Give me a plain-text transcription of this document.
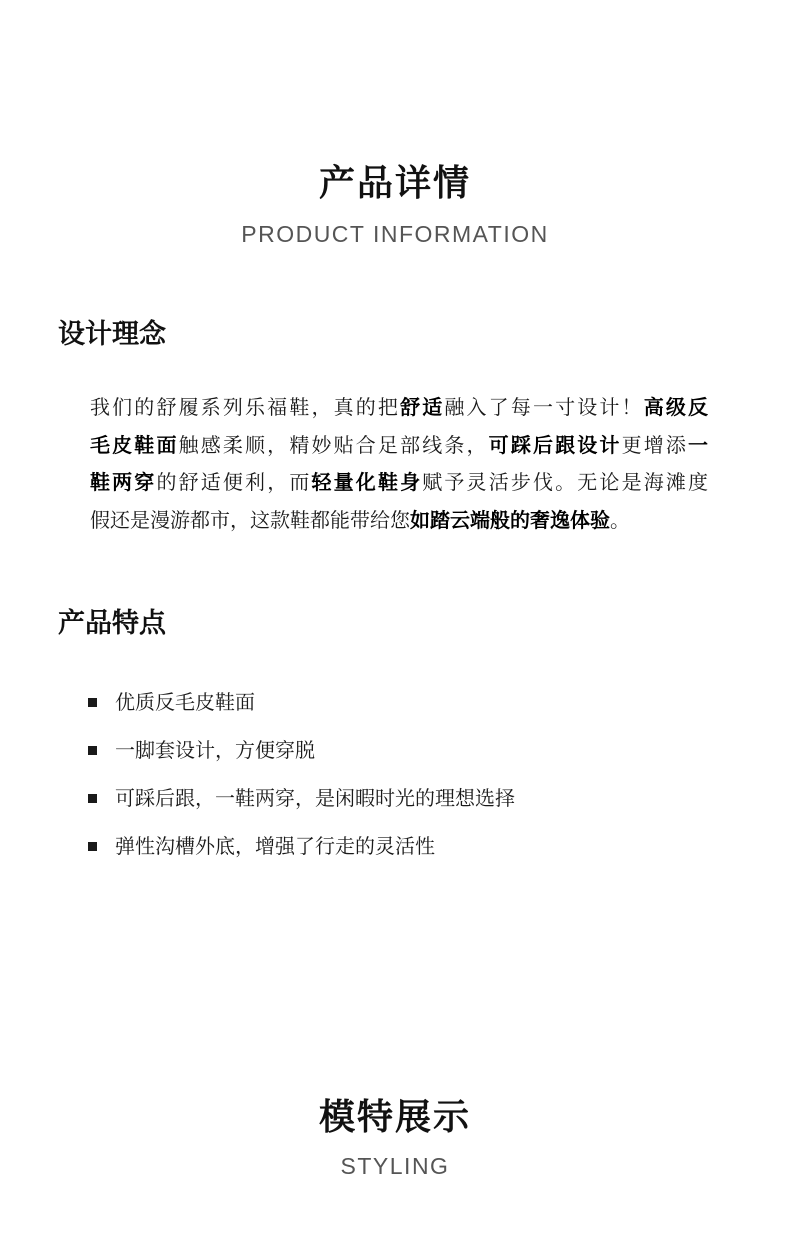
产品详情
PRODUCT INFORMATION
设计理念
我们的舒履系列乐福鞋，真的把舒适融入了每一寸设计！高级反
毛皮鞋面触感柔顺，精妙贴合足部线条，可踩后跟设计更增添一
鞋两穿的舒适便利，而轻量化鞋身赋予灵活步伐。无论是海滩度
假还是漫游都市，这款鞋都能带给您如踏云端般的奢逸体验。
产品特点
优质反毛皮鞋面
一脚套设计，方便穿脱
可踩后跟，一鞋两穿，是闲暇时光的理想选择
弹性沟槽外底，增强了行走的灵活性
模特展示
STYLING
